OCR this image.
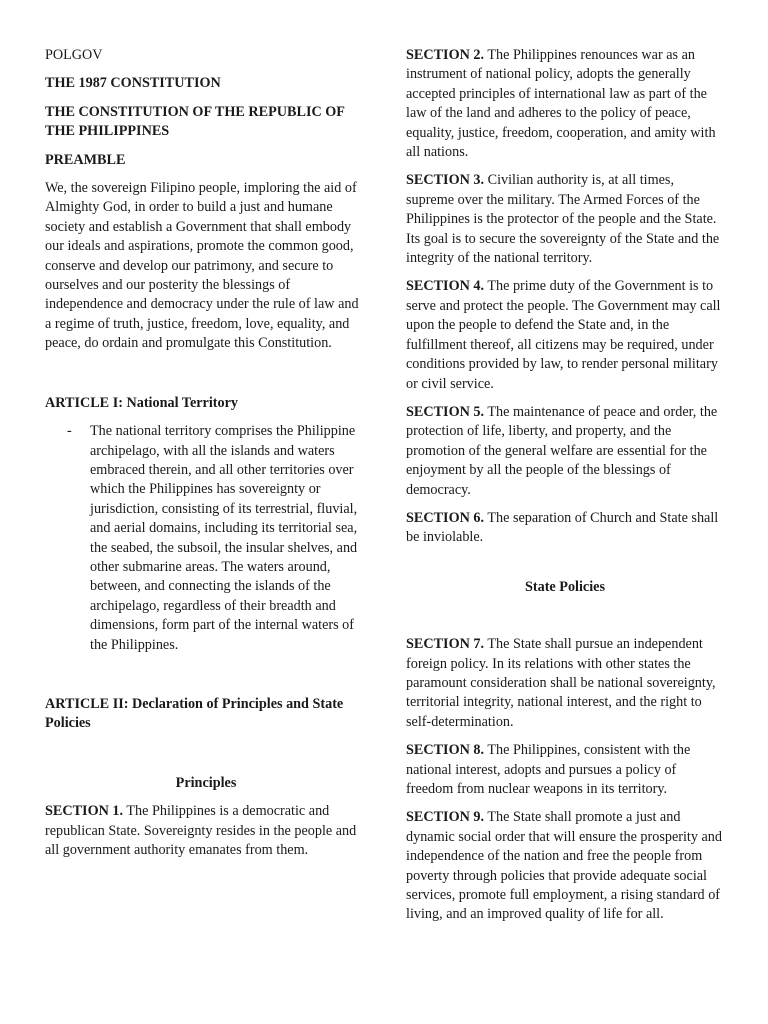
POLGOV

THE 1987 CONSTITUTION

THE CONSTITUTION OF THE REPUBLIC OF THE PHILIPPINES

PREAMBLE

We, the sovereign Filipino people, imploring the aid of Almighty God, in order to build a just and humane society and establish a Government that shall embody our ideals and aspirations, promote the common good, conserve and develop our patrimony, and secure to ourselves and our posterity the blessings of independence and democracy under the rule of law and a regime of truth, justice, freedom, love, equality, and peace, do ordain and promulgate this Constitution.

ARTICLE I: National Territory

-	The national territory comprises the Philippine archipelago, with all the islands and waters embraced therein, and all other territories over which the Philippines has sovereignty or jurisdiction, consisting of its terrestrial, fluvial, and aerial domains, including its territorial sea, the seabed, the subsoil, the insular shelves, and other submarine areas. The waters around, between, and connecting the islands of the archipelago, regardless of their breadth and dimensions, form part of the internal waters of the Philippines.

ARTICLE II: Declaration of Principles and State Policies

Principles

SECTION 1. The Philippines is a democratic and republican State. Sovereignty resides in the people and all government authority emanates from them.

SECTION 2. The Philippines renounces war as an instrument of national policy, adopts the generally accepted principles of international law as part of the law of the land and adheres to the policy of peace, equality, justice, freedom, cooperation, and amity with all nations.

SECTION 3. Civilian authority is, at all times, supreme over the military. The Armed Forces of the Philippines is the protector of the people and the State. Its goal is to secure the sovereignty of the State and the integrity of the national territory.

SECTION 4. The prime duty of the Government is to serve and protect the people. The Government may call upon the people to defend the State and, in the fulfillment thereof, all citizens may be required, under conditions provided by law, to render personal military or civil service.

SECTION 5. The maintenance of peace and order, the protection of life, liberty, and property, and the promotion of the general welfare are essential for the enjoyment by all the people of the blessings of democracy.

SECTION 6. The separation of Church and State shall be inviolable.

State Policies

SECTION 7. The State shall pursue an independent foreign policy. In its relations with other states the paramount consideration shall be national sovereignty, territorial integrity, national interest, and the right to self-determination.

SECTION 8. The Philippines, consistent with the national interest, adopts and pursues a policy of freedom from nuclear weapons in its territory.

SECTION 9. The State shall promote a just and dynamic social order that will ensure the prosperity and independence of the nation and free the people from poverty through policies that provide adequate social services, promote full employment, a rising standard of living, and an improved quality of life for all.
